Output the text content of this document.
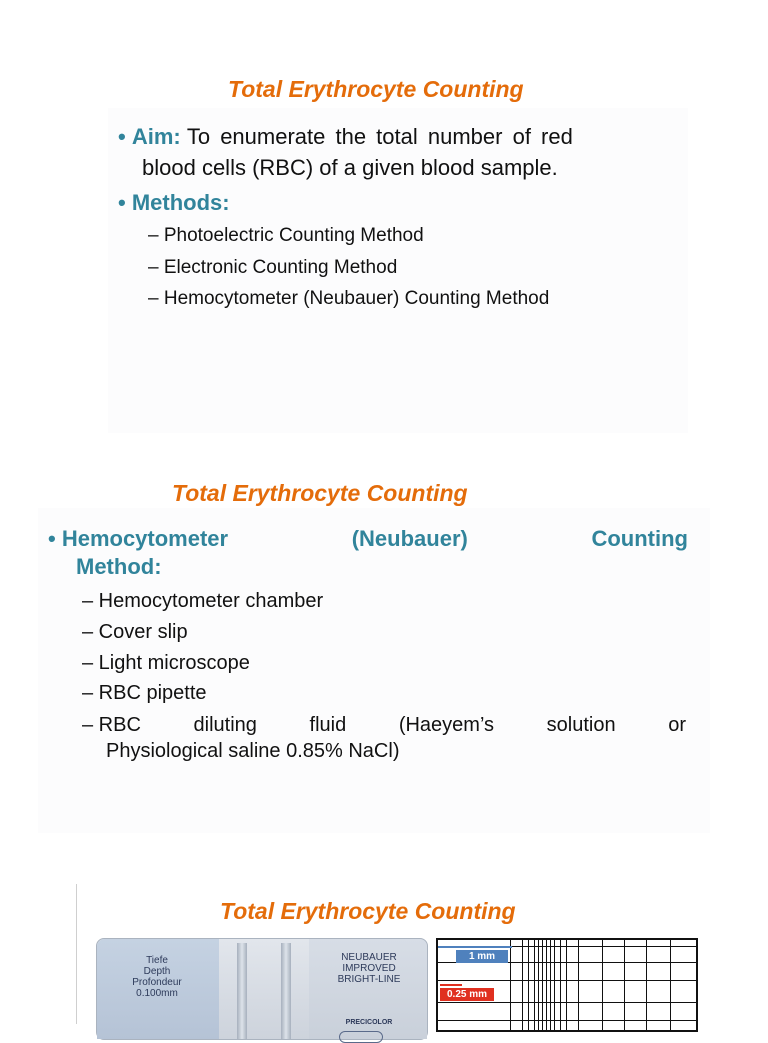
Total Erythrocyte Counting
• Aim: To enumerate the total number of red
blood cells (RBC) of a given blood sample.
• Methods:
– Photoelectric Counting Method
– Electronic Counting Method
– Hemocytometer (Neubauer) Counting Method
Total Erythrocyte Counting
• Hemocytometer	(Neubauer)	Counting
Method:
– Hemocytometer chamber
– Cover slip
– Light microscope
– RBC pipette
– RBC	diluting	fluid	(Haeyem’s	solution	or
Physiological saline 0.85% NaCl)
Total Erythrocyte Counting
Tiefe
Depth
Profondeur
0.100mm
NEUBAUER
IMPROVED
BRIGHT-LINE
PRECICOLOR
1 mm
0.25 mm
